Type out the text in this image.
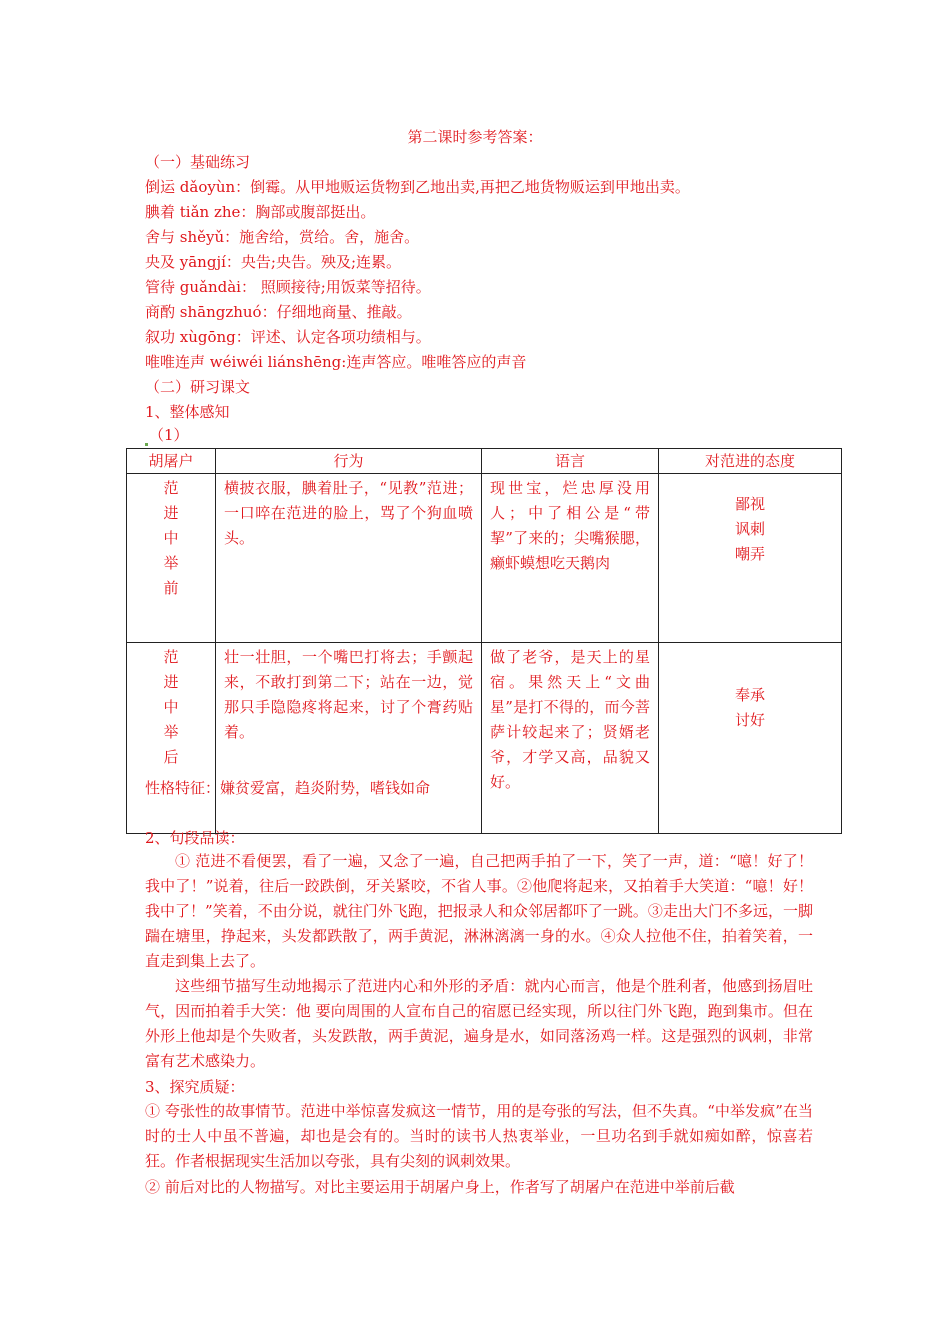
第二课时参考答案：
（一）基础练习
倒运 dǎoyùn：倒霉。从甲地贩运货物到乙地出卖,再把乙地货物贩运到甲地出卖。
腆着 tiǎn zhe：胸部或腹部挺出。
舍与 shěyǔ：施舍给，赏给。舍，施舍。
央及 yāngjí：央告;央告。殃及;连累。
管待 guǎndài： 照顾接待;用饭菜等招待。
商酌 shāngzhuó：仔细地商量、推敲。
叙功 xùgōng：评述、认定各项功绩相与。
唯唯连声 wéiwéi liánshēng:连声答应。唯唯答应的声音
（二）研习课文
1、整体感知
（1）
胡屠户	行为	语言	对范进的态度

范
进
中
举
前	横披衣服，腆着肚子，“见教”范进；一口啐在范进的脸上，骂了个狗血喷头。	现世宝，烂忠厚没用人；中了相公是“带挈”了来的；尖嘴猴腮，癞虾蟆想吃天鹅肉	鄙视
讽刺
嘲弄

范
进
中
举
后	壮一壮胆，一个嘴巴打将去；手颤起来，不敢打到第二下；站在一边，觉那只手隐隐疼将起来，讨了个膏药贴着。	做了老爷，是天上的星宿。果然天上“文曲星”是打不得的，而今菩萨计较起来了；贤婿老爷，才学又高，品貌又好。	奉承
讨好
性格特征：嫌贫爱富，趋炎附势，嗜钱如命
2、句段品读：

① 范进不看便罢，看了一遍，又念了一遍，自己把两手拍了一下，笑了一声，道：“噫！好了！我中了！”说着，往后一跤跌倒，牙关紧咬，不省人事。②他爬将起来，又拍着手大笑道：“噫！好！我中了！”笑着，不由分说，就往门外飞跑，把报录人和众邻居都吓了一跳。③走出大门不多远，一脚踹在塘里，挣起来，头发都跌散了，两手黄泥，淋淋漓漓一身的水。④众人拉他不住，拍着笑着，一直走到集上去了。

这些细节描写生动地揭示了范进内心和外形的矛盾：就内心而言，他是个胜利者，他感到扬眉吐气，因而拍着手大笑：他 要向周围的人宣布自己的宿愿已经实现，所以往门外飞跑，跑到集市。但在外形上他却是个失败者，头发跌散，两手黄泥，遍身是水，如同落汤鸡一样。这是强烈的讽刺，非常富有艺术感染力。

3、探究质疑：

① 夸张性的故事情节。范进中举惊喜发疯这一情节，用的是夸张的写法，但不失真。“中举发疯”在当时的士人中虽不普遍，却也是会有的。当时的读书人热衷举业，一旦功名到手就如痴如醉，惊喜若狂。作者根据现实生活加以夸张，具有尖刻的讽刺效果。

② 前后对比的人物描写。对比主要运用于胡屠户身上，作者写了胡屠户在范进中举前后截
